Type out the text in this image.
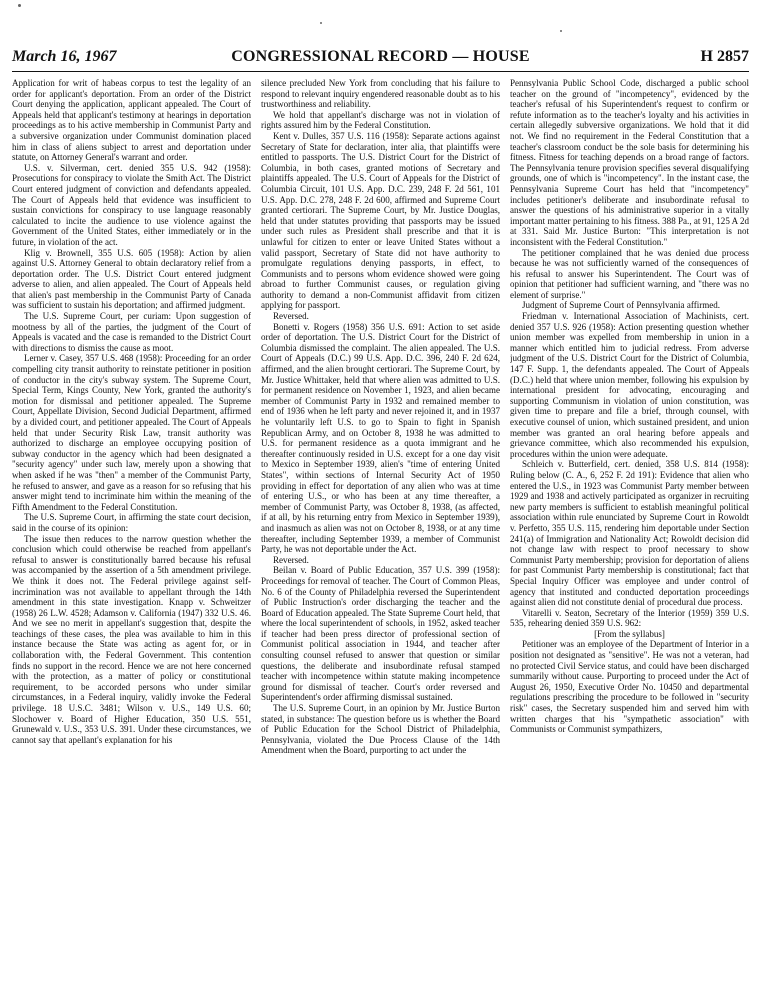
March 16, 1967	CONGRESSIONAL RECORD — HOUSE	H 2857

Application for writ of habeas corpus to test the legality of an order for applicant's deportation. From an order of the District Court denying the application, applicant appealed. The Court of Appeals held that applicant's testimony at hearings in deportation proceedings as to his active membership in Communist Party and a subversive organization under Communist domination placed him in class of aliens subject to arrest and deportation under statute, on Attorney General's warrant and order.

U.S. v. Silverman, cert. denied 355 U.S. 942 (1958): Prosecutions for conspiracy to violate the Smith Act. The District Court entered judgment of conviction and defendants appealed. The Court of Appeals held that evidence was insufficient to sustain convictions for conspiracy to use language reasonably calculated to incite the audience to use violence against the Government of the United States, either immediately or in the future, in violation of the act.

Klig v. Brownell, 355 U.S. 605 (1958): Action by alien against U.S. Attorney General to obtain declaratory relief from a deportation order. The U.S. District Court entered judgment adverse to alien, and alien appealed. The Court of Appeals held that alien's past membership in the Communist Party of Canada was sufficient to sustain his deportation; and affirmed judgment.

The U.S. Supreme Court, per curiam: Upon suggestion of mootness by all of the parties, the judgment of the Court of Appeals is vacated and the case is remanded to the District Court with directions to dismiss the cause as moot.

Lerner v. Casey, 357 U.S. 468 (1958): Proceeding for an order compelling city transit authority to reinstate petitioner in position of conductor in the city's subway system. The Supreme Court, Special Term, Kings County, New York, granted the authority's motion for dismissal and petitioner appealed. The Supreme Court, Appellate Division, Second Judicial Department, affirmed by a divided court, and petitioner appealed. The Court of Appeals held that under Security Risk Law, transit authority was authorized to discharge an employee occupying position of subway conductor in the agency which had been designated a "security agency" under such law, merely upon a showing that when asked if he was "then" a member of the Communist Party, he refused to answer, and gave as a reason for so refusing that his answer might tend to incriminate him within the meaning of the Fifth Amendment to the Federal Constitution.

The U.S. Supreme Court, in affirming the state court decision, said in the course of its opinion:

The issue then reduces to the narrow question whether the conclusion which could otherwise be reached from appellant's refusal to answer is constitutionally barred because his refusal was accompanied by the assertion of a 5th amendment privilege. We think it does not. The Federal privilege against self-incrimination was not available to appellant through the 14th amendment in this state investigation. Knapp v. Schweitzer (1958) 26 L.W. 4528; Adamson v. California (1947) 332 U.S. 46. And we see no merit in appellant's suggestion that, despite the teachings of these cases, the plea was available to him in this instance because the State was acting as agent for, or in collaboration with, the Federal Government. This contention finds no support in the record. Hence we are not here concerned with the protection, as a matter of policy or constitutional requirement, to be accorded persons who under similar circumstances, in a Federal inquiry, validly invoke the Federal privilege. 18 U.S.C. 3481; Wilson v. U.S., 149 U.S. 60; Slochower v. Board of Higher Education, 350 U.S. 551, Grunewald v. U.S., 353 U.S. 391. Under these circumstances, we cannot say that apellant's explanation for his

silence precluded New York from concluding that his failure to respond to relevant inquiry engendered reasonable doubt as to his trustworthiness and reliability.

We hold that appellant's discharge was not in violation of rights assured him by the Federal Constitution.

Kent v. Dulles, 357 U.S. 116 (1958): Separate actions against Secretary of State for declaration, inter alia, that plaintiffs were entitled to passports. The U.S. District Court for the District of Columbia, in both cases, granted motions of Secretary and plaintiffs appealed. The U.S. Court of Appeals for the District of Columbia Circuit, 101 U.S. App. D.C. 239, 248 F. 2d 561, 101 U.S. App. D.C. 278, 248 F. 2d 600, affirmed and Supreme Court granted certiorari. The Supreme Court, by Mr. Justice Douglas, held that under statutes providing that passports may be issued under such rules as President shall prescribe and that it is unlawful for citizen to enter or leave United States without a valid passport, Secretary of State did not have authority to promulgate regulations denying passports, in effect, to Communists and to persons whom evidence showed were going abroad to further Communist causes, or regulation giving authority to demand a non-Communist affidavit from citizen applying for passport.

Reversed.

Bonetti v. Rogers (1958) 356 U.S. 691: Action to set aside order of deportation. The U.S. District Court for the District of Columbia dismissed the complaint. The alien appealed. The U.S. Court of Appeals (D.C.) 99 U.S. App. D.C. 396, 240 F. 2d 624, affirmed, and the alien brought certiorari. The Supreme Court, by Mr. Justice Whittaker, held that where alien was admitted to U.S. for permanent residence on November 1, 1923, and alien became member of Communist Party in 1932 and remained member to end of 1936 when he left party and never rejoined it, and in 1937 he voluntarily left U.S. to go to Spain to fight in Spanish Republican Army, and on October 8, 1938 he was admitted to U.S. for permanent residence as a quota immigrant and he thereafter continuously resided in U.S. except for a one day visit to Mexico in September 1939, alien's "time of entering United States", within sections of Internal Security Act of 1950 providing in effect for deportation of any alien who was at time of entering U.S., or who has been at any time thereafter, a member of Communist Party, was October 8, 1938, (as affected, if at all, by his returning entry from Mexico in September 1939), and inasmuch as alien was not on October 8, 1938, or at any time thereafter, including September 1939, a member of Communist Party, he was not deportable under the Act.

Reversed.

Beilan v. Board of Public Education, 357 U.S. 399 (1958): Proceedings for removal of teacher. The Court of Common Pleas, No. 6 of the County of Philadelphia reversed the Superintendent of Public Instruction's order discharging the teacher and the Board of Education appealed. The State Supreme Court held, that where the local superintendent of schools, in 1952, asked teacher if teacher had been press director of professional section of Communist political association in 1944, and teacher after consulting counsel refused to answer that question or similar questions, the deliberate and insubordinate refusal stamped teacher with incompetence within statute making incompetence ground for dismissal of teacher. Court's order reversed and Superintendent's order affirming dismissal sustained.

The U.S. Supreme Court, in an opinion by Mr. Justice Burton stated, in substance: The question before us is whether the Board of Public Education for the School District of Philadelphia, Pennsylvania, violated the Due Process Clause of the 14th Amendment when the Board, purporting to act under the

Pennsylvania Public School Code, discharged a public school teacher on the ground of "incompetency", evidenced by the teacher's refusal of his Superintendent's request to confirm or refute information as to the teacher's loyalty and his activities in certain allegedly subversive organizations. We hold that it did not. We find no requirement in the Federal Constitution that a teacher's classroom conduct be the sole basis for determining his fitness. Fitness for teaching depends on a broad range of factors. The Pennsylvania tenure provision specifies several disqualifying grounds, one of which is "incompetency". In the instant case, the Pennsylvania Supreme Court has held that "incompetency" includes petitioner's deliberate and insubordinate refusal to answer the questions of his administrative superior in a vitally important matter pertaining to his fitness. 388 Pa., at 91, 125 A 2d at 331. Said Mr. Justice Burton: "This interpretation is not inconsistent with the Federal Constitution."

The petitioner complained that he was denied due process because he was not sufficiently warned of the consequences of his refusal to answer his Superintendent. The Court was of opinion that petitioner had sufficient warning, and "there was no element of surprise."

Judgment of Supreme Court of Pennsylvania affirmed.

Friedman v. International Association of Machinists, cert. denied 357 U.S. 926 (1958): Action presenting question whether union member was expelled from membership in union in a manner which entitled him to judicial redress. From adverse judgment of the U.S. District Court for the District of Columbia, 147 F. Supp. 1, the defendants appealed. The Court of Appeals (D.C.) held that where union member, following his expulsion by international president for advocating, encouraging and supporting Communism in violation of union constitution, was given time to prepare and file a brief, through counsel, with executive counsel of union, which sustained president, and union member was granted an oral hearing before appeals and grievance committee, which also recommended his expulsion, procedures within the union were adequate.

Schleich v. Butterfield, cert. denied, 358 U.S. 814 (1958): Ruling below (C. A., 6, 252 F. 2d 191): Evidence that alien who entered the U.S., in 1923 was Communist Party member between 1929 and 1938 and actively participated as organizer in recruiting new party members is sufficient to establish meaningful political association within rule enunciated by Supreme Court in Rowoldt v. Perfetto, 355 U.S. 115, rendering him deportable under Section 241(a) of Immigration and Nationality Act; Rowoldt decision did not change law with respect to proof necessary to show Communist Party membership; provision for deportation of aliens for past Communist Party membership is constitutional; fact that Special Inquiry Officer was employee and under control of agency that instituted and conducted deportation proceedings against alien did not constitute denial of procedural due process.

Vitarelli v. Seaton, Secretary of the Interior (1959) 359 U.S. 535, rehearing denied 359 U.S. 962:

[From the syllabus]

Petitioner was an employee of the Department of Interior in a position not designated as "sensitive". He was not a veteran, had no protected Civil Service status, and could have been discharged summarily without cause. Purporting to proceed under the Act of August 26, 1950, Executive Order No. 10450 and departmental regulations prescribing the procedure to be followed in "security risk" cases, the Secretary suspended him and served him with written charges that his "sympathetic association" with Communists or Communist sympathizers,
